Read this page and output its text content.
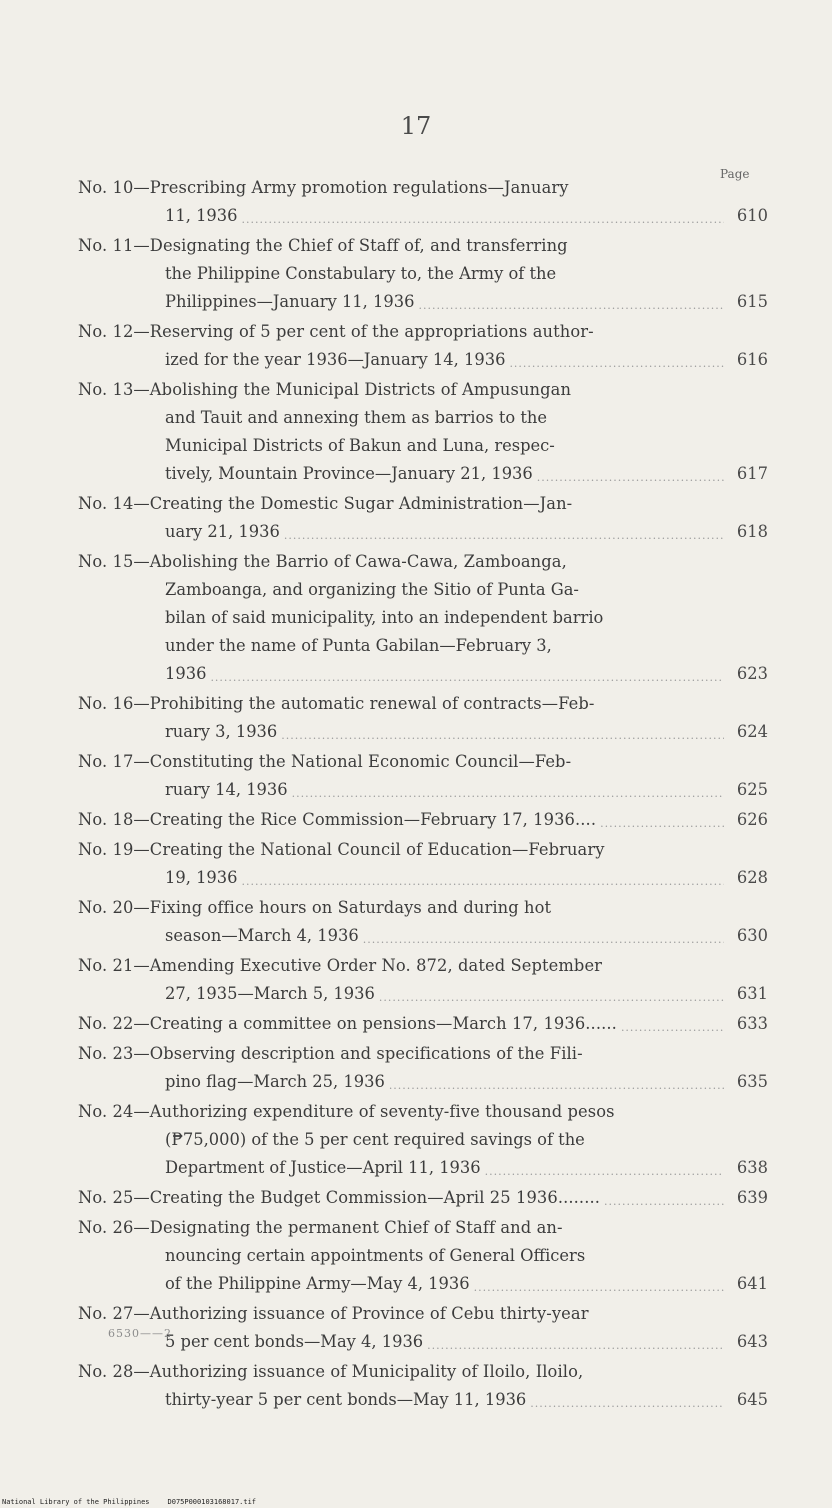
17
Page
No. 10—Prescribing Army promotion regulations—January
11, 1936 .....	610
No. 11—Designating the Chief of Staff of, and transferring
the Philippine Constabulary to, the Army of the
Philippines—January 11, 1936 .....	615
No. 12—Reserving of 5 per cent of the appropriations author-
ized for the year 1936—January 14, 1936 .....	616
No. 13—Abolishing the Municipal Districts of Ampusungan
and Tauit and annexing them as barrios to the
Municipal Districts of Bakun and Luna, respec-
tively, Mountain Province—January 21, 1936 .....	617
No. 14—Creating the Domestic Sugar Administration—Jan-
uary 21, 1936 .....	618
No. 15—Abolishing the Barrio of Cawa-Cawa, Zamboanga,
Zamboanga, and organizing the Sitio of Punta Ga-
bilan of said municipality, into an independent barrio
under the name of Punta Gabilan—February 3,
1936 .....	623
No. 16—Prohibiting the automatic renewal of contracts—Feb-
ruary 3, 1936 .....	624
No. 17—Constituting the National Economic Council—Feb-
ruary 14, 1936 .....	625
No. 18—Creating the Rice Commission—February 17, 1936.... .....	626
No. 19—Creating the National Council of Education—February
19, 1936 .....	628
No. 20—Fixing office hours on Saturdays and during hot
season—March 4, 1936 .....	630
No. 21—Amending Executive Order No. 872, dated September
27, 1935—March 5, 1936 .....	631
No. 22—Creating a committee on pensions—March 17, 1936...... .....	633
No. 23—Observing description and specifications of the Fili-
pino flag—March 25, 1936 .....	635
No. 24—Authorizing expenditure of seventy-five thousand pesos
(₱75,000) of the 5 per cent required savings of the
Department of Justice—April 11, 1936 .....	638
No. 25—Creating the Budget Commission—April 25 1936........ .....	639
No. 26—Designating the permanent Chief of Staff and an-
nouncing certain appointments of General Officers
of the Philippine Army—May 4, 1936 .....	641
No. 27—Authorizing issuance of Province of Cebu thirty-year
5 per cent bonds—May 4, 1936 .....	643
No. 28—Authorizing issuance of Municipality of Iloilo, Iloilo,
thirty-year 5 per cent bonds—May 11, 1936 .....	645
6530——2
National Library of the Philippines	D075P000103168017.tif
